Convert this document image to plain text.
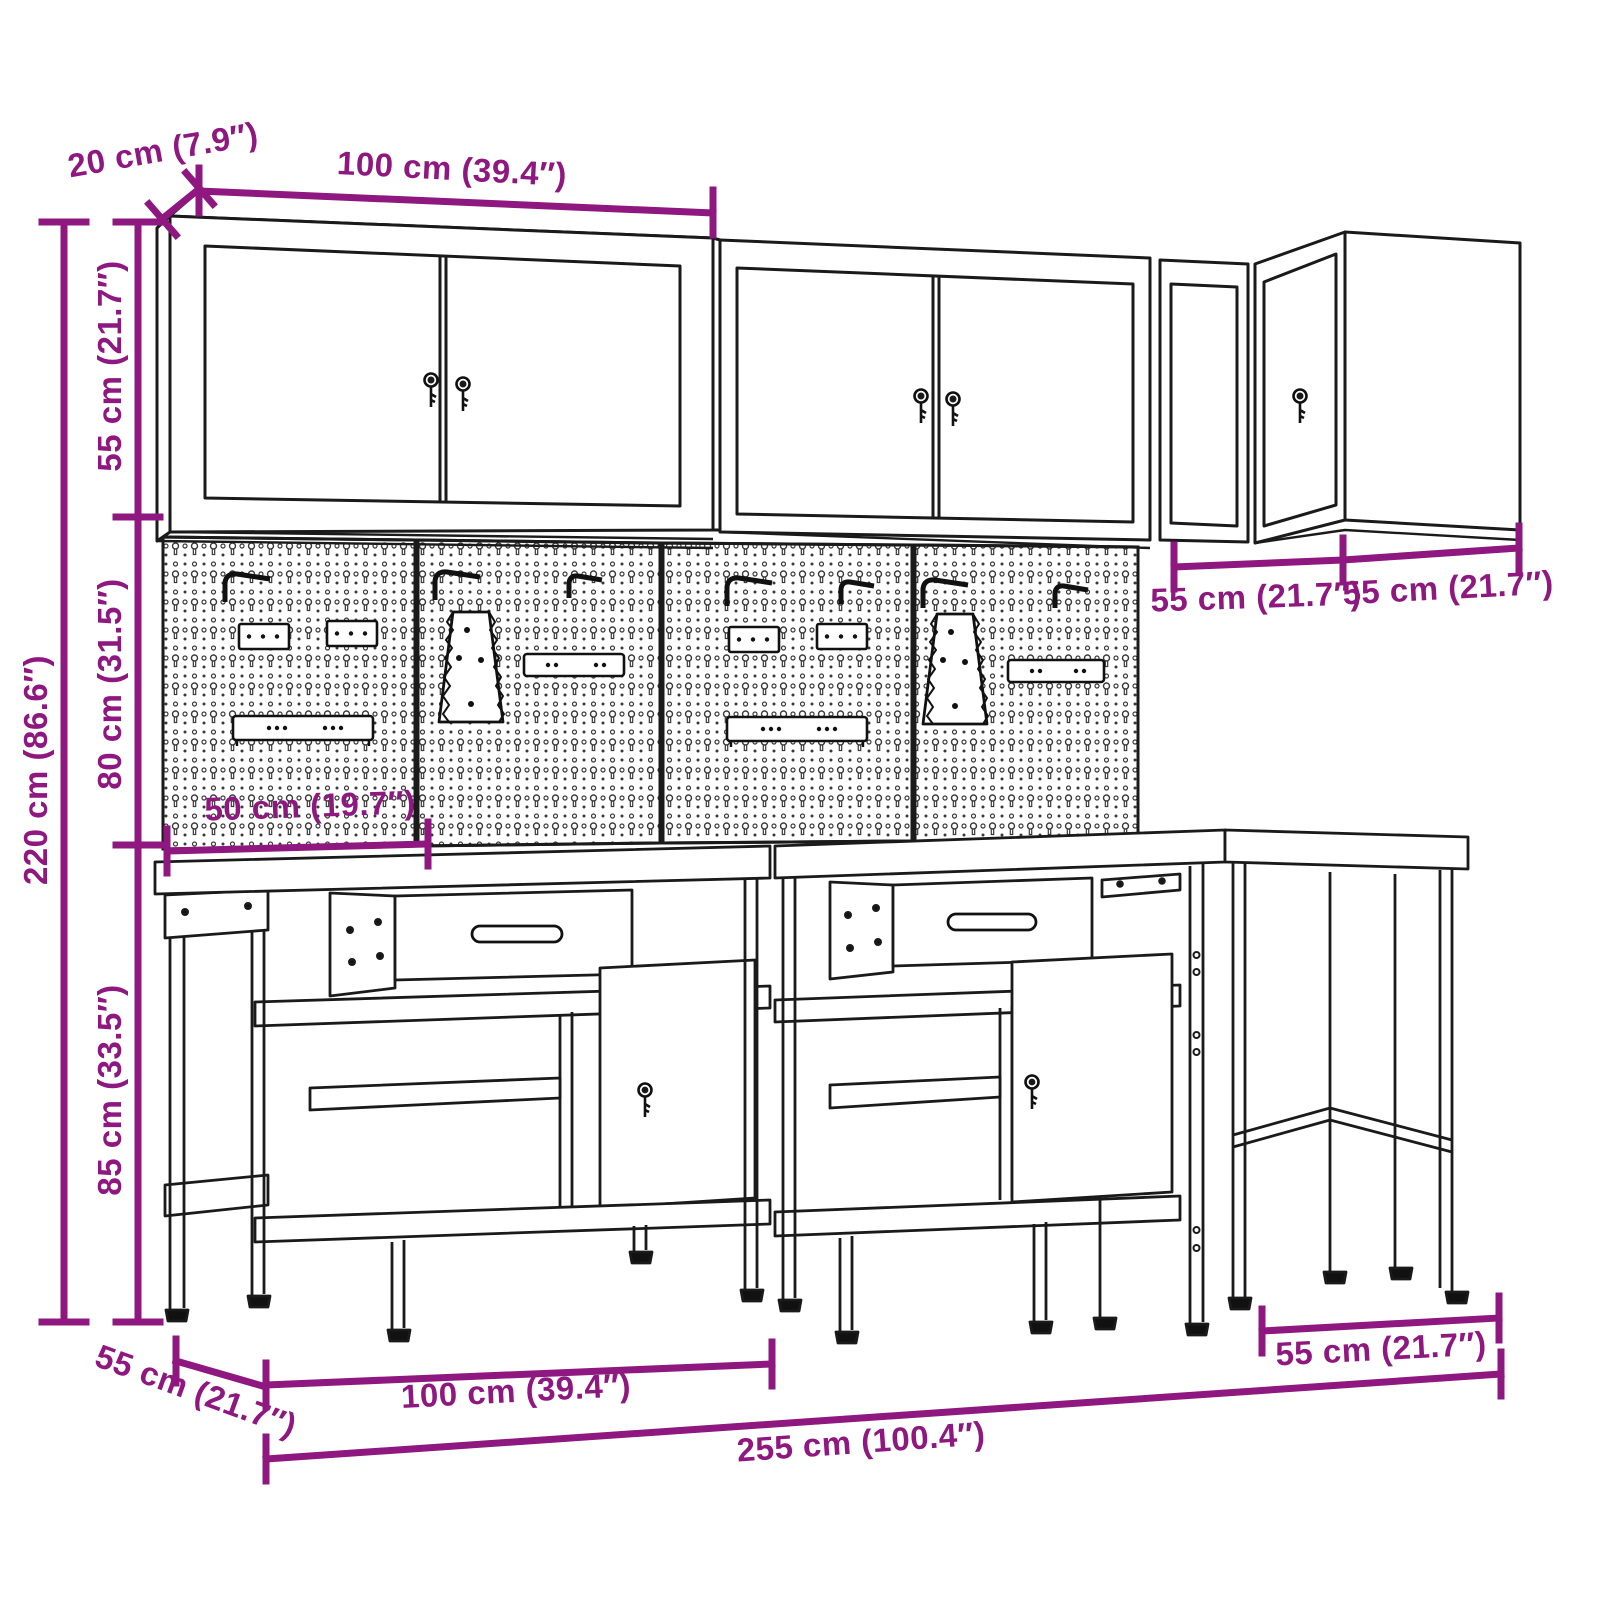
20 cm (7.9″) 100 cm (39.4″)
220 cm (86.6″)
55 cm (21.7″)
80 cm (31.5″)
85 cm (33.5″)
50 cm (19.7″)
55 cm (21.7″)
55 cm (21.7″)
55 cm (21.7″)	100 cm (39.4″)
255 cm (100.4″)
55 cm (21.7″)
